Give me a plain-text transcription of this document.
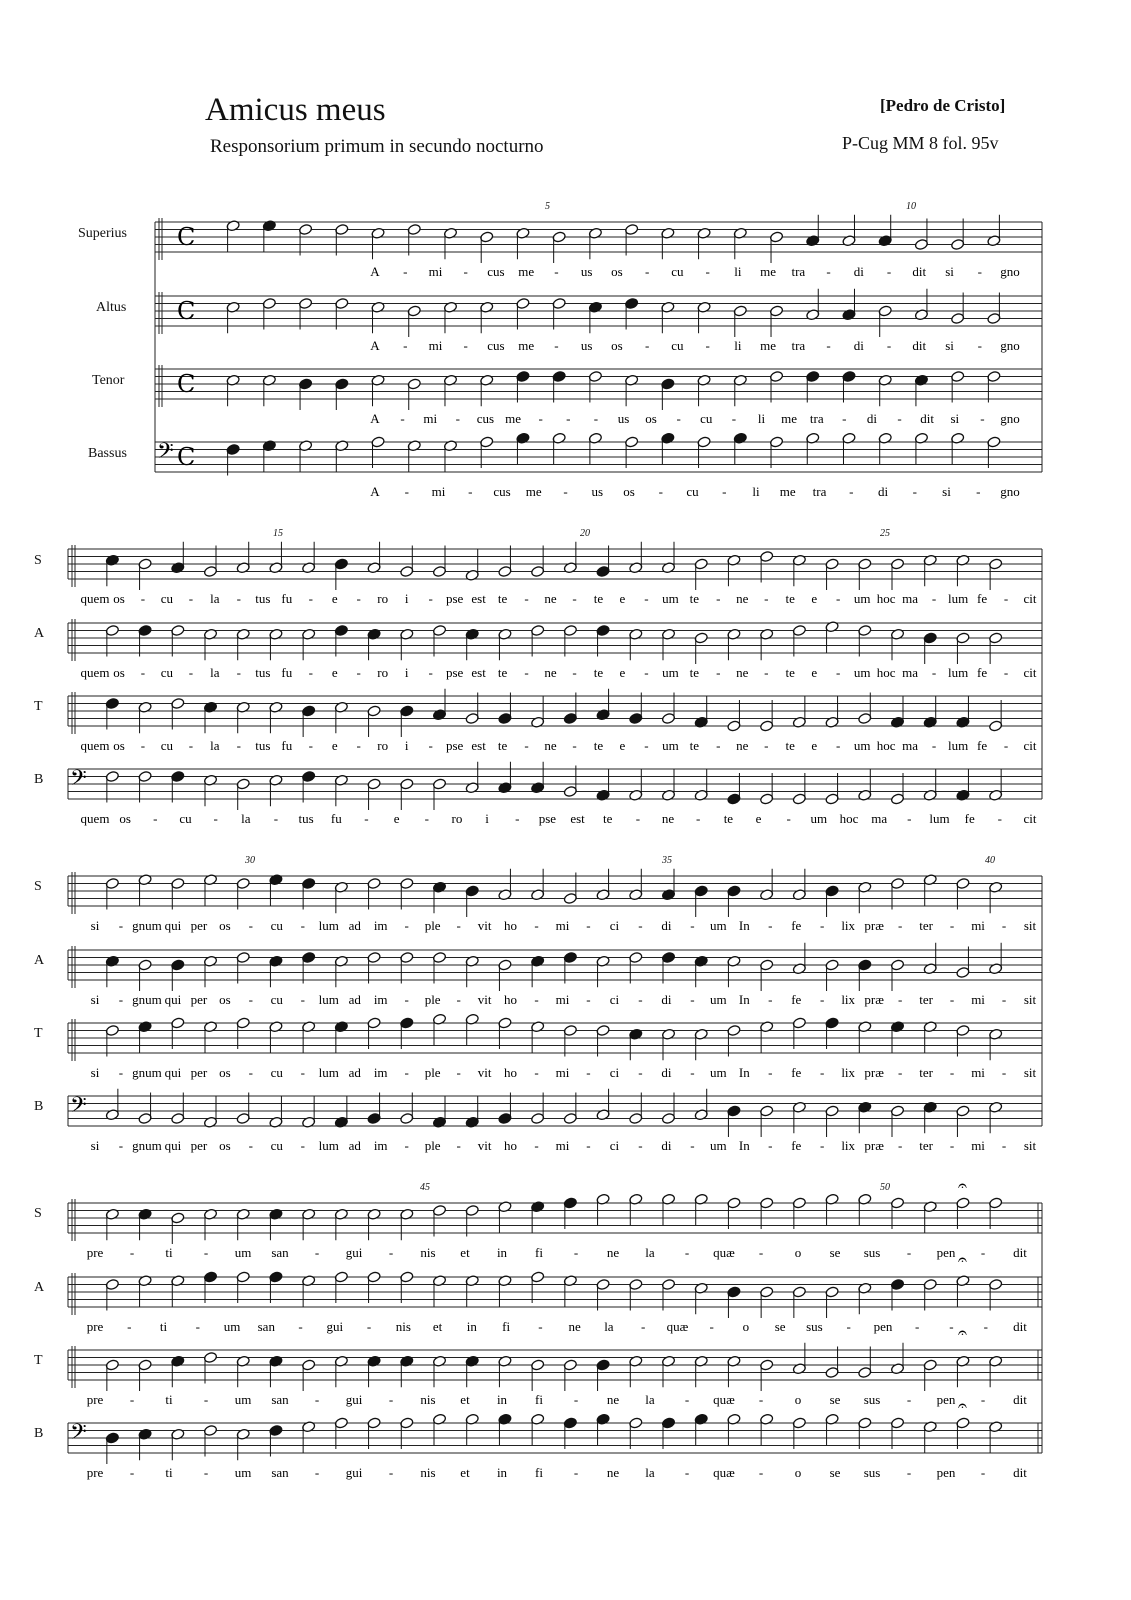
Amicus meus
Responsorium primum in secundo nocturno
[Pedro de Cristo]
P-Cug MM 8 fol. 95v
Superius
Altus
Tenor
Bassus
S
A
T
B
S
A
T
B
S
A
T
B
5	10
15	20	25
30	35	40
45	50
C
C
C
𝄢 C
A - mi - cus me - us os - cu - li me tra - di - dit si - gno
A - mi - cus me - us os - cu - li me tra - di - dit si - gno
A - mi - cus me - - - us os - cu - li me tra - di - dit si - gno
A - mi - cus me - us os - cu - li me tra - di - si - gno
𝄢
quem os - cu - la - tus fu - e - ro i - pse est te - ne - te e - um te - ne - te e - um hoc ma - lum fe - cit
quem os - cu - la - tus fu - e - ro i - pse est te - ne - te e - um te - ne - te e - um hoc ma - lum fe - cit
quem os - cu - la - tus fu - e - ro i - pse est te - ne - te e - um te - ne - te e - um hoc ma - lum fe - cit
quem os - cu - la - tus fu - e - ro i - pse est te - ne - te e - um hoc ma - lum fe - cit
𝄢
si - gnum qui per os - cu - lum ad im - ple - vit ho - mi - ci - di - um In - fe - lix præ - ter - mi - sit
si - gnum qui per os - cu - lum ad im - ple - vit ho - mi - ci - di - um In - fe - lix præ - ter - mi - sit
si - gnum qui per os - cu - lum ad im - ple - vit ho - mi - ci - di - um In - fe - lix præ - ter - mi - sit
si - gnum qui per os - cu - lum ad im - ple - vit ho - mi - ci - di - um In - fe - lix præ - ter - mi - sit
𝄐
𝄐
𝄐
𝄢
𝄐
pre - ti - um san - gui - nis et in fi - ne la - quæ - o se sus - pen - dit
pre - ti - um san - gui - nis et in fi - ne la - quæ - o se sus - pen - - - dit
pre - ti - um san - gui - nis et in fi - ne la - quæ - o se sus - pen - dit
pre - ti - um san - gui - nis et in fi - ne la - quæ - o se sus - pen - dit
